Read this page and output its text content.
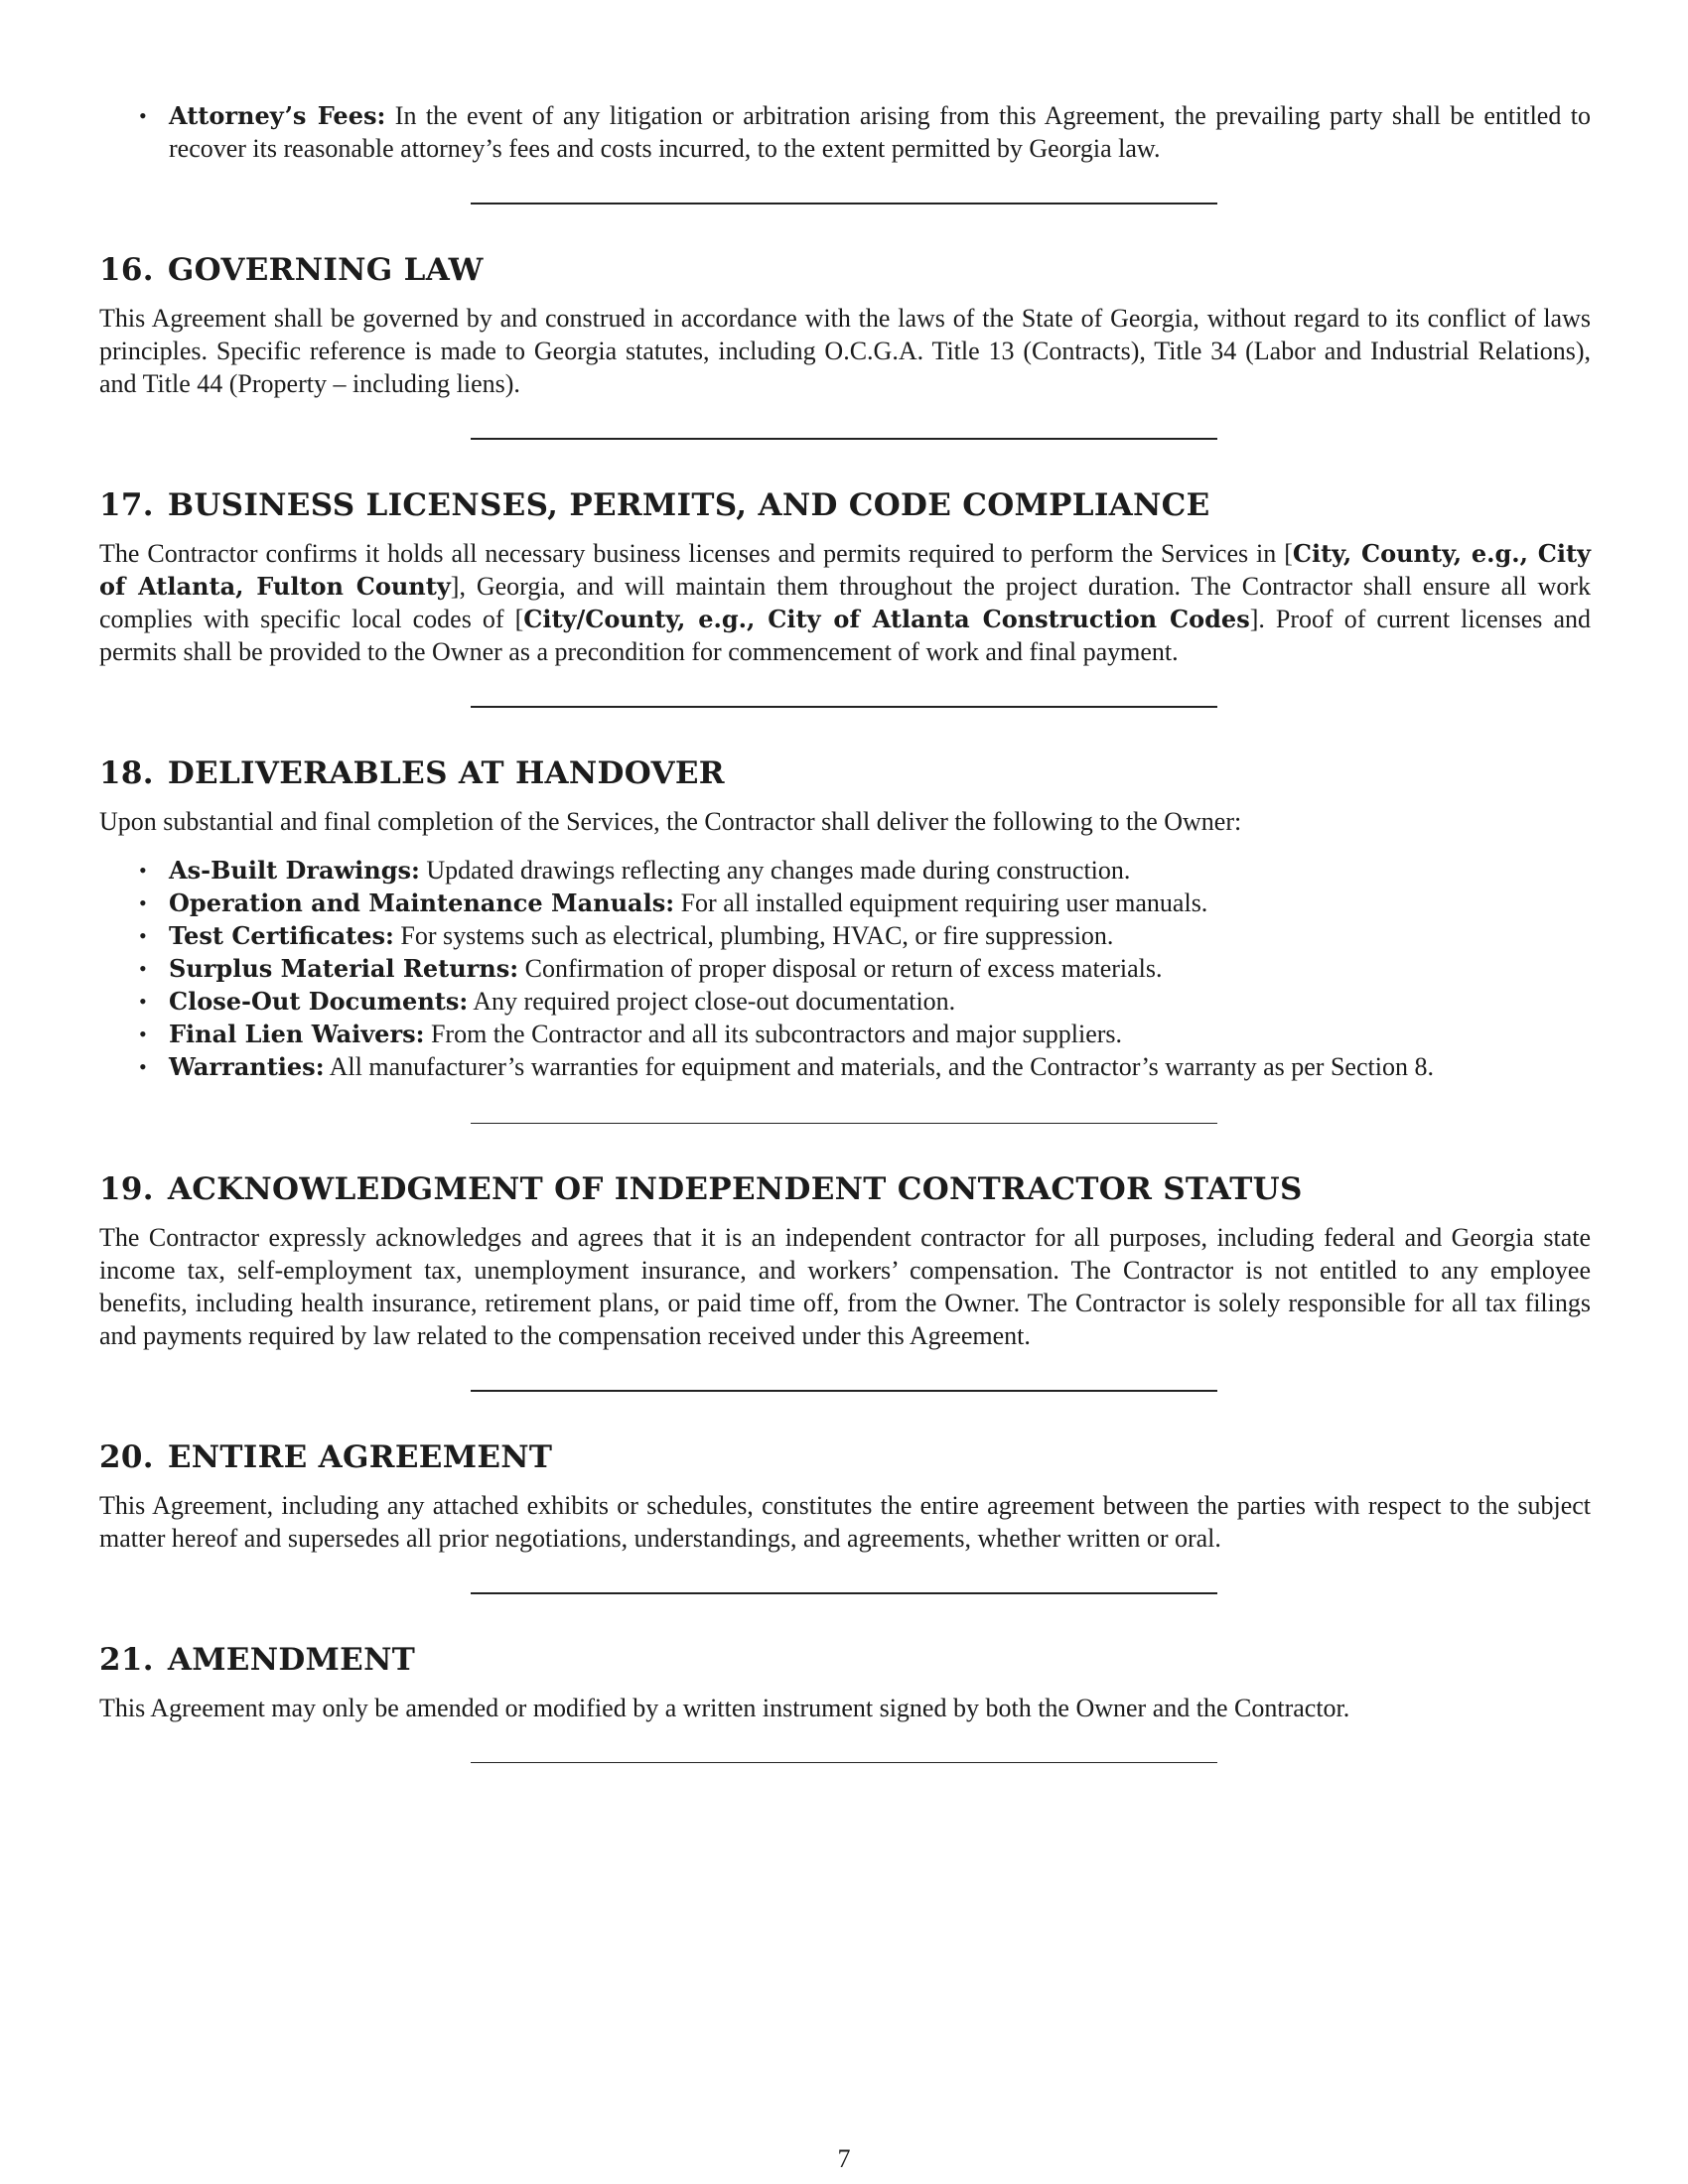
• Attorney’s Fees: In the event of any litigation or arbitration arising from this Agreement, the prevailing party shall be entitled to recover its reasonable attorney’s fees and costs incurred, to the extent permitted by Georgia law.
16. GOVERNING LAW

This Agreement shall be governed by and construed in accordance with the laws of the State of Georgia, without regard to its conflict of laws principles. Specific reference is made to Georgia statutes, including O.C.G.A. Title 13 (Contracts), Title 34 (Labor and Industrial Relations), and Title 44 (Property – including liens).

17. BUSINESS LICENSES, PERMITS, AND CODE COMPLIANCE

The Contractor confirms it holds all necessary business licenses and permits required to perform the Services in [City, County, e.g., City of Atlanta, Fulton County], Georgia, and will maintain them throughout the project duration. The Contractor shall ensure all work complies with specific local codes of [City/County, e.g., City of Atlanta Construction Codes]. Proof of current licenses and permits shall be provided to the Owner as a precondition for commencement of work and final payment.

18. DELIVERABLES AT HANDOVER

Upon substantial and final completion of the Services, the Contractor shall deliver the following to the Owner:

• As-Built Drawings: Updated drawings reflecting any changes made during construction.
• Operation and Maintenance Manuals: For all installed equipment requiring user manuals.
• Test Certificates: For systems such as electrical, plumbing, HVAC, or fire suppression.
• Surplus Material Returns: Confirmation of proper disposal or return of excess materials.
• Close-Out Documents: Any required project close-out documentation.
• Final Lien Waivers: From the Contractor and all its subcontractors and major suppliers.
• Warranties: All manufacturer’s warranties for equipment and materials, and the Contractor’s warranty as per Section 8.
19. ACKNOWLEDGMENT OF INDEPENDENT CONTRACTOR STATUS

The Contractor expressly acknowledges and agrees that it is an independent contractor for all purposes, including federal and Georgia state income tax, self-employment tax, unemployment insurance, and workers’ compensation. The Contractor is not entitled to any employee benefits, including health insurance, retirement plans, or paid time off, from the Owner. The Contractor is solely responsible for all tax filings and payments required by law related to the compensation received under this Agreement.

20. ENTIRE AGREEMENT

This Agreement, including any attached exhibits or schedules, constitutes the entire agreement between the parties with respect to the subject matter hereof and supersedes all prior negotiations, understandings, and agreements, whether written or oral.

21. AMENDMENT

This Agreement may only be amended or modified by a written instrument signed by both the Owner and the Contractor.

7
